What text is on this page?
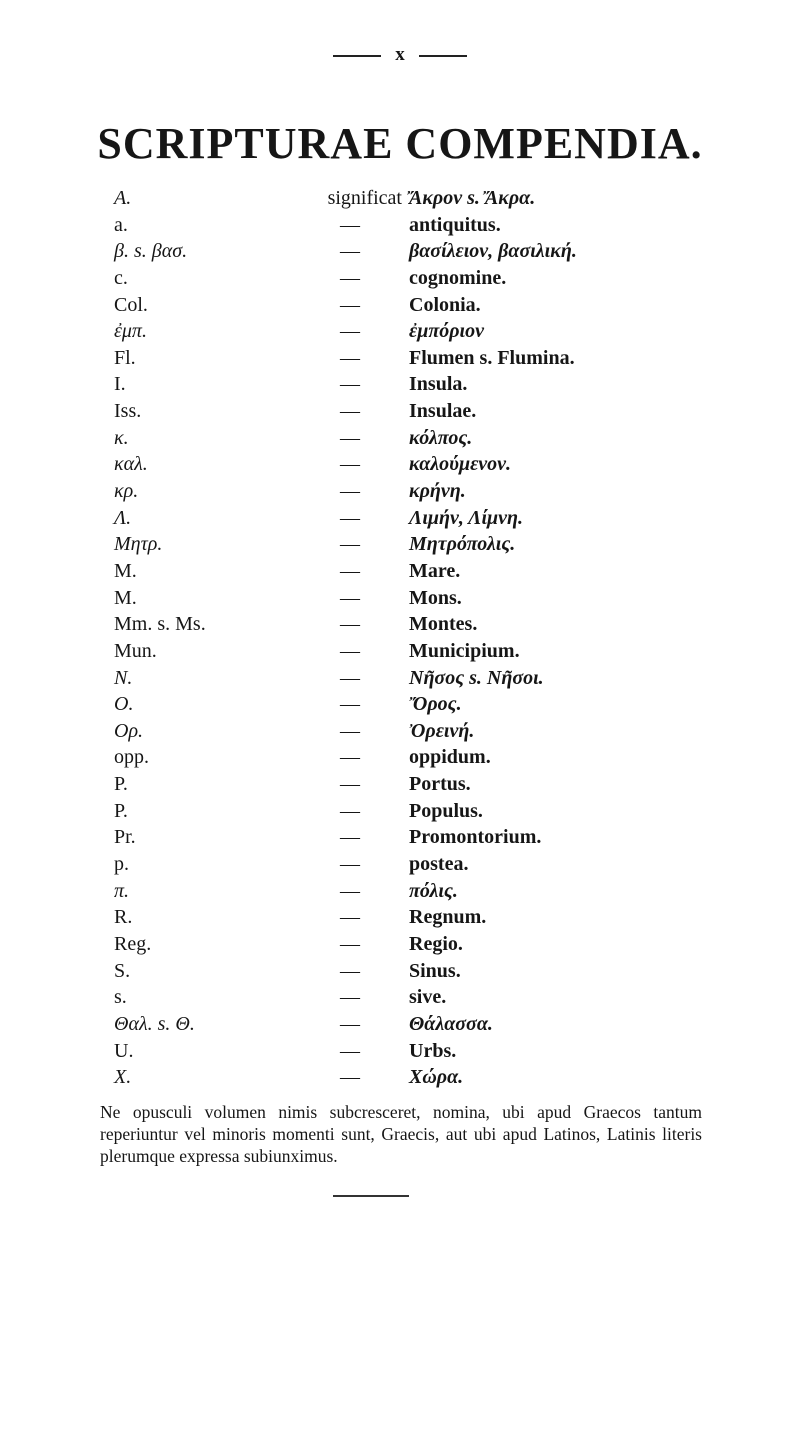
x
SCRIPTURAE COMPENDIA.
A.	significat Ἄκρον s. Ἄκρα.
a.	—	antiquitus.
β. s. βασ.	—	βασίλειον, βασιλική.
c.	—	cognomine.
Col.	—	Colonia.
ἐμπ.	—	ἐμπόριον
Fl.	—	Flumen s. Flumina.
I.	—	Insula.
Iss.	—	Insulae.
κ.	—	κόλπος.
καλ.	—	καλούμενον.
κρ.	—	κρήνη.
Λ.	—	Λιμήν, Λίμνη.
Μητρ.	—	Μητρόπολις.
M.	—	Mare.
M.	—	Mons.
Mm. s. Ms.	—	Montes.
Mun.	—	Municipium.
N.	—	Νῆσος s. Νῆσοι.
O.	—	Ὄρος.
Ορ.	—	Ὀρεινή.
opp.	—	oppidum.
P.	—	Portus.
P.	—	Populus.
Pr.	—	Promontorium.
p.	—	postea.
π.	—	πόλις.
R.	—	Regnum.
Reg.	—	Regio.
S.	—	Sinus.
s.	—	sive.
Θαλ. s. Θ.	—	Θάλασσα.
U.	—	Urbs.
X.	—	Χώρα.

Ne opusculi volumen nimis subcresceret, nomina, ubi apud Graecos tantum reperiuntur vel minoris momenti sunt, Graecis, aut ubi apud Latinos, Latinis literis plerumque expressa subiunximus.
